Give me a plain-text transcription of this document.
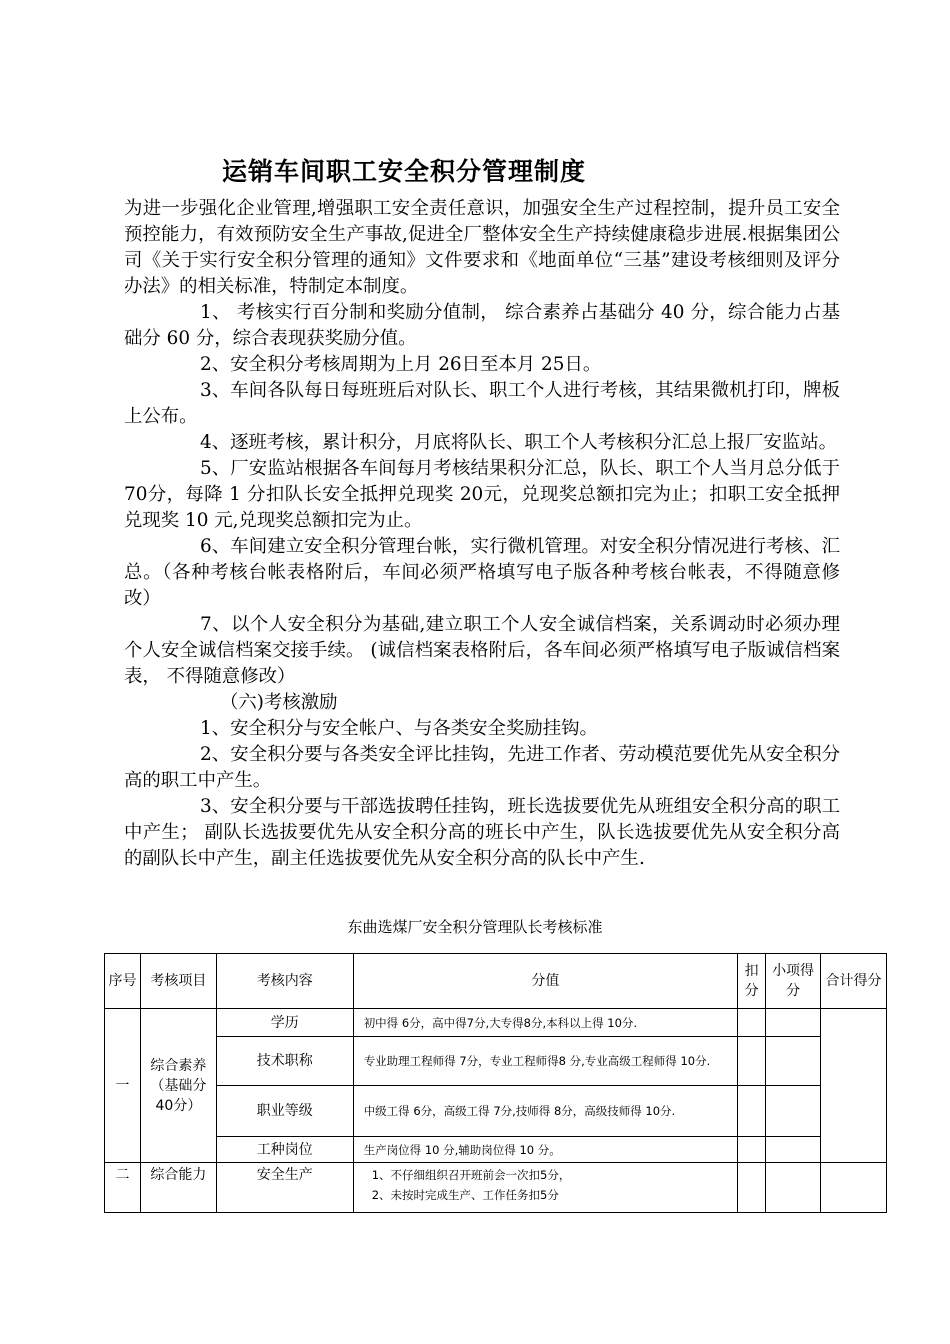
运销车间职工安全积分管理制度

为进一步强化企业管理,增强职工安全责任意识，加强安全生产过程控制，提升员工安全预控能力，有效预防安全生产事故,促进全厂整体安全生产持续健康稳步进展.根据集团公司《关于实行安全积分管理的通知》文件要求和《地面单位“三基”建设考核细则及评分办法》的相关标准，特制定本制度。

1、 考核实行百分制和奖励分值制， 综合素养占基础分 40 分，综合能力占基础分 60 分，综合表现获奖励分值。

2、安全积分考核周期为上月 26日至本月 25日。

3、车间各队每日每班班后对队长、职工个人进行考核，其结果微机打印，牌板上公布。

4、逐班考核，累计积分，月底将队长、职工个人考核积分汇总上报厂安监站。

5、厂安监站根据各车间每月考核结果积分汇总，队长、职工个人当月总分低于 70分，每降 1 分扣队长安全抵押兑现奖 20元，兑现奖总额扣完为止；扣职工安全抵押兑现奖 10 元,兑现奖总额扣完为止。

6、车间建立安全积分管理台帐，实行微机管理。对安全积分情况进行考核、汇总。（各种考核台帐表格附后，车间必须严格填写电子版各种考核台帐表，不得随意修改）

7、以个人安全积分为基础,建立职工个人安全诚信档案，关系调动时必须办理个人安全诚信档案交接手续。 (诚信档案表格附后，各车间必须严格填写电子版诚信档案表， 不得随意修改）

（六)考核激励

1、安全积分与安全帐户、与各类安全奖励挂钩。

2、安全积分要与各类安全评比挂钩，先进工作者、劳动模范要优先从安全积分高的职工中产生。

3、安全积分要与干部选拔聘任挂钩，班长选拔要优先从班组安全积分高的职工中产生； 副队长选拔要优先从安全积分高的班长中产生，队长选拔要优先从安全积分高的副队长中产生，副主任选拔要优先从安全积分高的队长中产生.

东曲选煤厂安全积分管理队长考核标准
序号	考核项目	考核内容	分值	扣分	小项得分	合计得分
一	综合素养（基础分40分）	学历	初中得 6分，高中得7分,大专得8分,本科以上得 10分.			
		技术职称	专业助理工程师得 7分，专业工程师得8 分,专业高级工程师得 10分.			
		职业等级	中级工得 6分，高级工得 7分,技师得 8分，高级技师得 10分.			
		工种岗位	生产岗位得 10 分,辅助岗位得 10 分。			
二	综合能力	安全生产	1、不仔细组织召开班前会一次扣5分，
2、未按时完成生产、工作任务扣5分			
